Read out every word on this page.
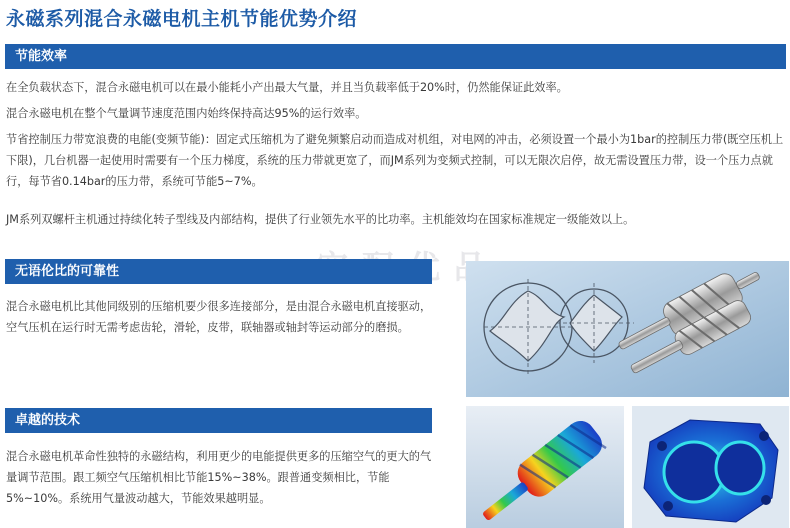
永磁系列混合永磁电机主机节能优势介绍
节能效率
在全负载状态下，混合永磁电机可以在最小能耗小产出最大气量，并且当负载率低于20%时，仍然能保证此效率。
混合永磁电机在整个气量调节速度范围内始终保持高达95%的运行效率。
节省控制压力带宽浪费的电能(变频节能)：固定式压缩机为了避免频繁启动而造成对机组，对电网的冲击，必须设置一个最小为1bar的控制压力带(既空压机上下限)，几台机器一起使用时需要有一个压力梯度，系统的压力带就更宽了，而JM系列为变频式控制，可以无限次启停，故无需设置压力带，设一个压力点就行，每节省0.14bar的压力带，系统可节能5~7%。
JM系列双螺杆主机通过持续化转子型线及内部结构，提供了行业领先水平的比功率。主机能效均在国家标准规定一级能效以上。
无语伦比的可靠性
混合永磁电机比其他同级别的压缩机要少很多连接部分，是由混合永磁电机直接驱动，空气压机在运行时无需考虑齿轮，滑轮，皮带，联轴器或轴封等运动部分的磨损。
卓越的技术
混合永磁电机革命性独特的永磁结构，利用更少的电能提供更多的压缩空气的更大的气量调节范围。跟工频空气压缩机相比节能15%~38%。跟普通变频相比，节能5%~10%。系统用气量波动越大，节能效果越明显。
